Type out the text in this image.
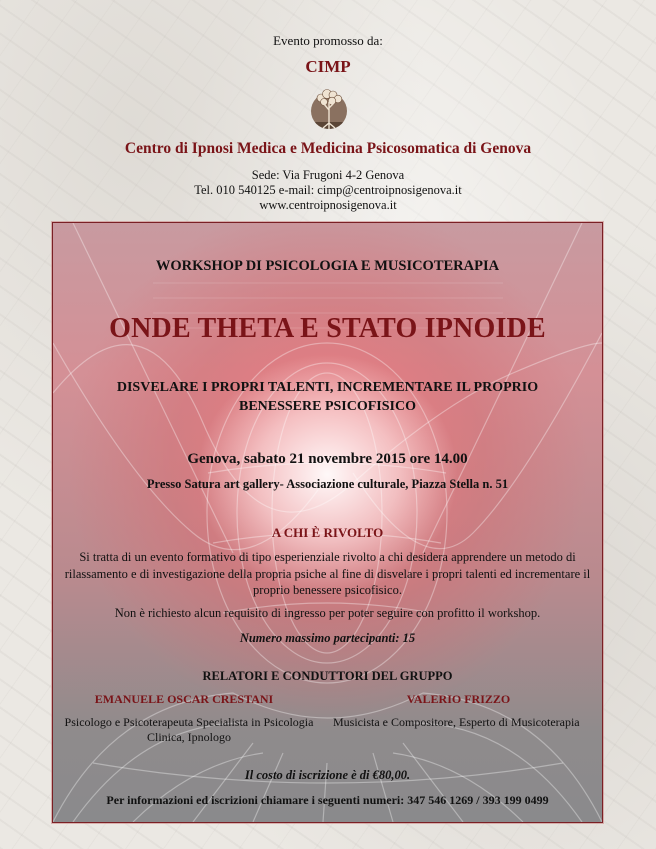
Evento promosso da:
CIMP
Centro di Ipnosi Medica e Medicina Psicosomatica di Genova
Sede: Via Frugoni 4-2 Genova
Tel. 010 540125 e-mail: cimp@centroipnosigenova.it
www.centroipnosigenova.it
WORKSHOP DI PSICOLOGIA E MUSICOTERAPIA
ONDE THETA E STATO IPNOIDE
DISVELARE I PROPRI TALENTI, INCREMENTARE IL PROPRIO
BENESSERE PSICOFISICO
Genova, sabato 21 novembre 2015 ore 14.00
Presso Satura art gallery- Associazione culturale, Piazza Stella n. 51
A CHI È RIVOLTO
Si tratta di un evento formativo di tipo esperienziale rivolto a chi desidera apprendere un metodo di rilassamento e di investigazione della propria psiche al fine di disvelare i propri talenti ed incrementare il proprio benessere psicofisico.
Non è richiesto alcun requisito di ingresso per poter seguire con profitto il workshop.
Numero massimo partecipanti: 15
RELATORI E CONDUTTORI DEL GRUPPO
EMANUELE OSCAR CRESTANI	VALERIO FRIZZO
Psicologo e Psicoterapeuta Specialista in Psicologia Clinica, Ipnologo
Musicista e Compositore, Esperto di Musicoterapia
Il costo di iscrizione è di €80,00.
Per informazioni ed iscrizioni chiamare i seguenti numeri: 347 546 1269 / 393 199 0499
